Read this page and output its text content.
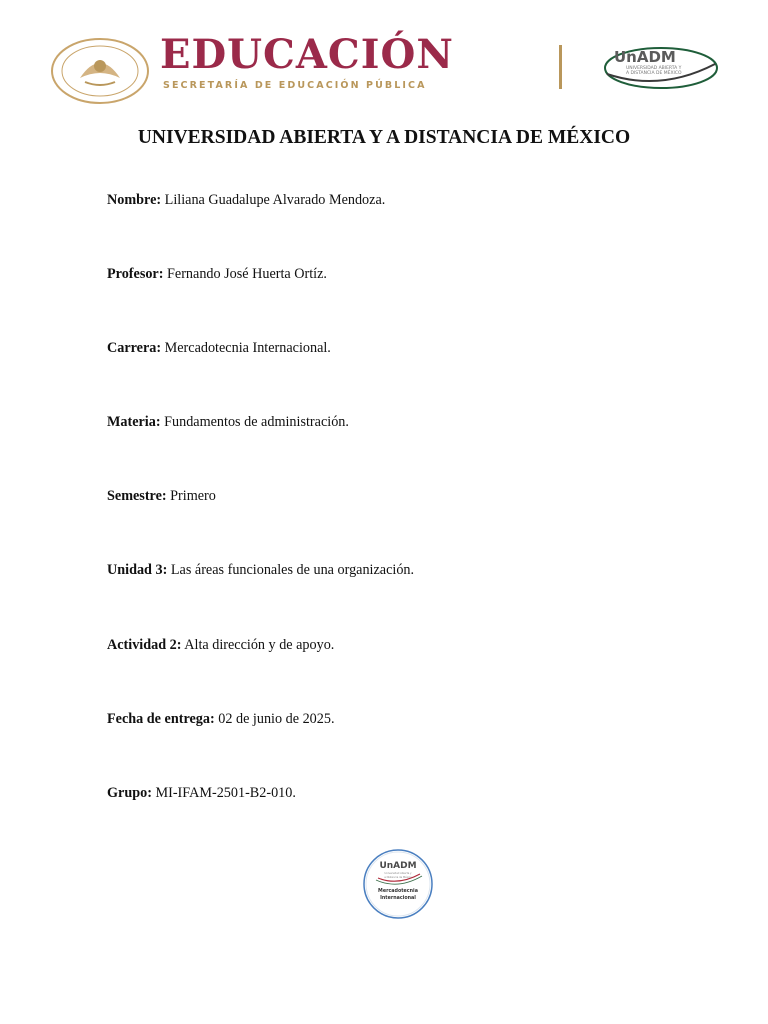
EDUCACIÓN
SECRETARÍA DE EDUCACIÓN PÚBLICA
UnADM
UNIVERSIDAD ABIERTA Y
A DISTANCIA DE MÉXICO
UNIVERSIDAD ABIERTA Y A DISTANCIA DE MÉXICO
Nombre: Liliana Guadalupe Alvarado Mendoza.
Profesor: Fernando José Huerta Ortíz.
Carrera: Mercadotecnia Internacional.
Materia: Fundamentos de administración.
Semestre: Primero
Unidad 3: Las áreas funcionales de una organización.
Actividad 2: Alta dirección y de apoyo.
Fecha de entrega: 02 de junio de 2025.
Grupo: MI-IFAM-2501-B2-010.
UnADM
Universidad Abierta y
a Distancia de México
Mercadotecnia
Internacional
